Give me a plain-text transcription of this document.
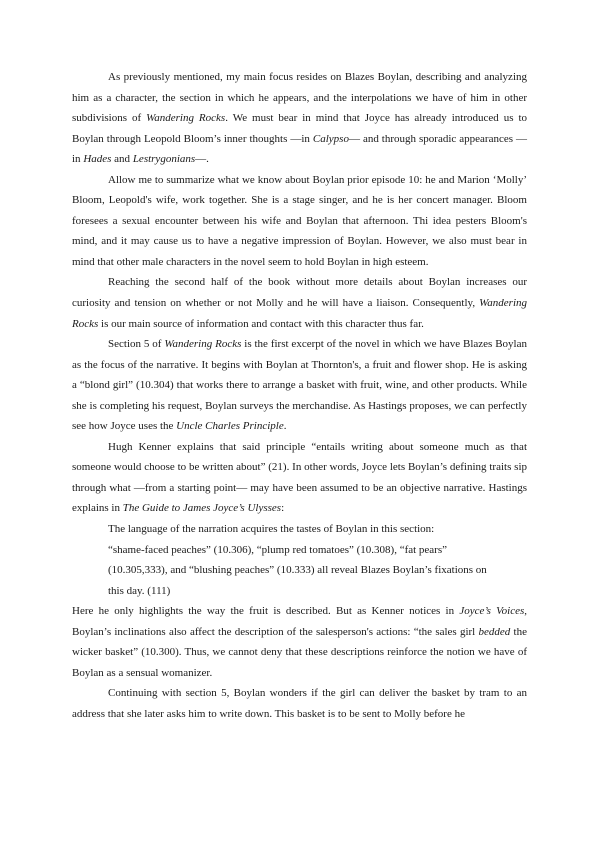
As previously mentioned, my main focus resides on Blazes Boylan, describing and analyzing him as a character, the section in which he appears, and the interpolations we have of him in other subdivisions of Wandering Rocks. We must bear in mind that Joyce has already introduced us to Boylan through Leopold Bloom’s inner thoughts —in Calypso— and through sporadic appearances —in Hades and Lestrygonians—.

Allow me to summarize what we know about Boylan prior episode 10: he and Marion ‘Molly’ Bloom, Leopold's wife, work together. She is a stage singer, and he is her concert manager. Bloom foresees a sexual encounter between his wife and Boylan that afternoon. Thi idea pesters Bloom's mind, and it may cause us to have a negative impression of Boylan. However, we also must bear in mind that other male characters in the novel seem to hold Boylan in high esteem.

Reaching the second half of the book without more details about Boylan increases our curiosity and tension on whether or not Molly and he will have a liaison. Consequently, Wandering Rocks is our main source of information and contact with this character thus far.

Section 5 of Wandering Rocks is the first excerpt of the novel in which we have Blazes Boylan as the focus of the narrative. It begins with Boylan at Thornton's, a fruit and flower shop. He is asking a “blond girl” (10.304) that works there to arrange a basket with fruit, wine, and other products. While she is completing his request, Boylan surveys the merchandise. As Hastings proposes, we can perfectly see how Joyce uses the Uncle Charles Principle.

Hugh Kenner explains that said principle “entails writing about someone much as that someone would choose to be written about” (21). In other words, Joyce lets Boylan’s defining traits sip through what —from a starting point— may have been assumed to be an objective narrative. Hastings explains in The Guide to James Joyce’s Ulysses:

The language of the narration acquires the tastes of Boylan in this section:
“shame-faced peaches” (10.306), “plump red tomatoes” (10.308), “fat pears”
(10.305,333), and “blushing peaches” (10.333) all reveal Blazes Boylan’s fixations on
this day. (111)

Here he only highlights the way the fruit is described. But as Kenner notices in Joyce’s Voices, Boylan’s inclinations also affect the description of the salesperson's actions: “the sales girl bedded the wicker basket” (10.300). Thus, we cannot deny that these descriptions reinforce the notion we have of Boylan as a sensual womanizer.

Continuing with section 5, Boylan wonders if the girl can deliver the basket by tram to an address that she later asks him to write down. This basket is to be sent to Molly before he
